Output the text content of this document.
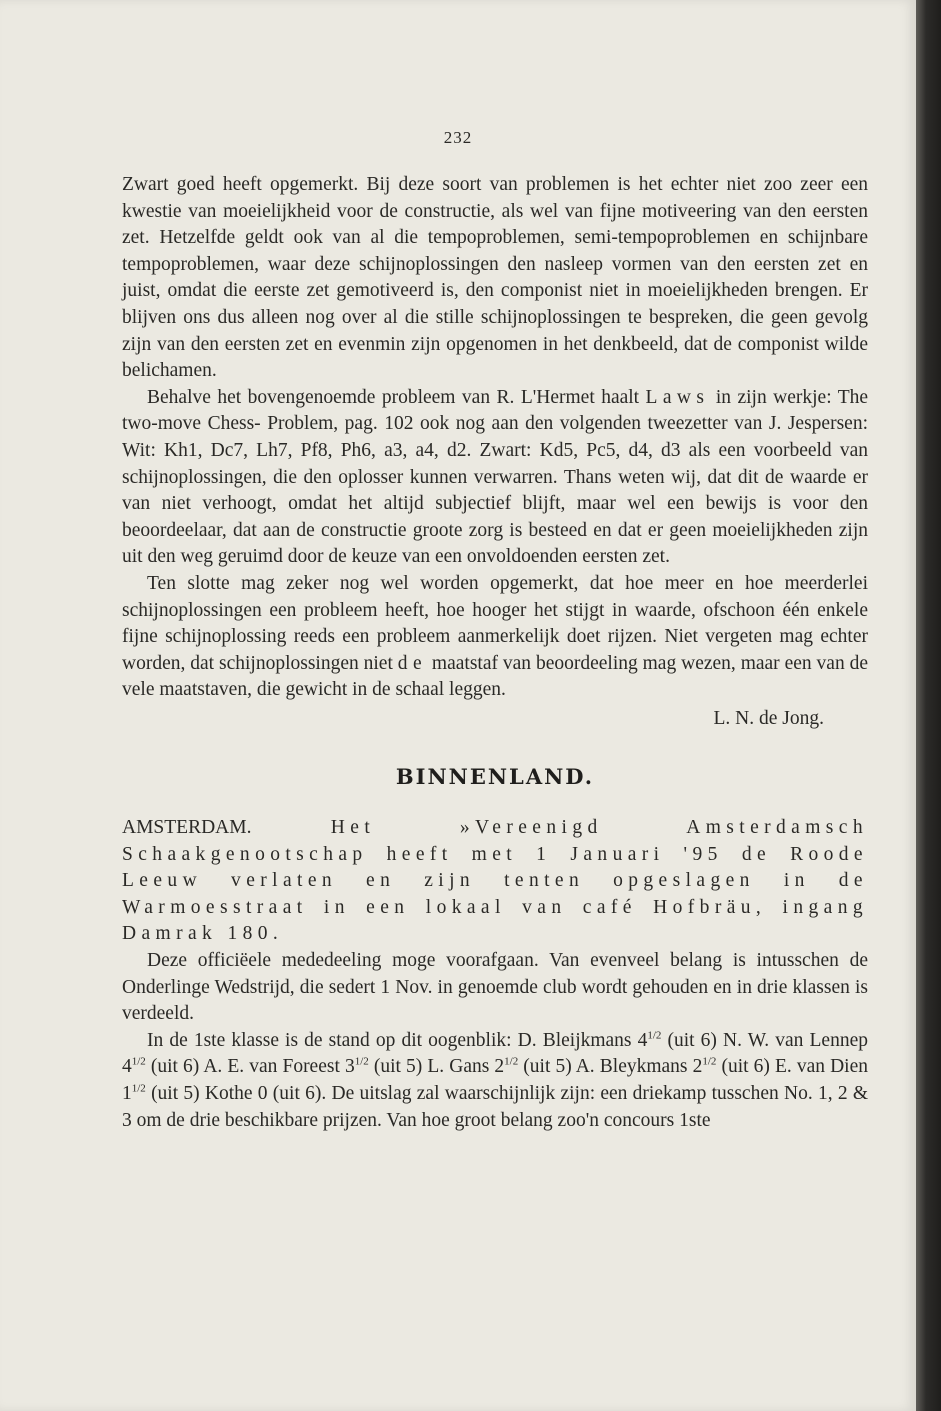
232

Zwart goed heeft opgemerkt. Bij deze soort van problemen is het echter niet zoo zeer een kwestie van moeielijkheid voor de constructie, als wel van fijne motiveering van den eersten zet. Hetzelfde geldt ook van al die tempoproblemen, semi-tempoproblemen en schijnbare tempoproblemen, waar deze schijnoplossingen den nasleep vormen van den eersten zet en juist, omdat die eerste zet gemotiveerd is, den componist niet in moeielijkheden brengen. Er blijven ons dus alleen nog over al die stille schijnoplossingen te bespreken, die geen gevolg zijn van den eersten zet en evenmin zijn opgenomen in het denkbeeld, dat de componist wilde belichamen.

Behalve het bovengenoemde probleem van R. L'Hermet haalt Laws in zijn werkje: The two-move Chess- Problem, pag. 102 ook nog aan den volgenden tweezetter van J. Jespersen: Wit: Kh1, Dc7, Lh7, Pf8, Ph6, a3, a4, d2. Zwart: Kd5, Pc5, d4, d3 als een voorbeeld van schijnoplossingen, die den oplosser kunnen verwarren. Thans weten wij, dat dit de waarde er van niet verhoogt, omdat het altijd subjectief blijft, maar wel een bewijs is voor den beoordeelaar, dat aan de constructie groote zorg is besteed en dat er geen moeielijkheden zijn uit den weg geruimd door de keuze van een onvoldoenden eersten zet.

Ten slotte mag zeker nog wel worden opgemerkt, dat hoe meer en hoe meerderlei schijnoplossingen een probleem heeft, hoe hooger het stijgt in waarde, ofschoon één enkele fijne schijnoplossing reeds een probleem aanmerkelijk doet rijzen. Niet vergeten mag echter worden, dat schijnoplossingen niet de maatstaf van beoordeeling mag wezen, maar een van de vele maatstaven, die gewicht in de schaal leggen.

L. N. de Jong.
BINNENLAND.

AMSTERDAM.	Het »Vereenigd Amsterdamsch Schaakgenootschap heeft met 1 Januari '95 de Roode Leeuw verlaten en zijn tenten opgeslagen in de Warmoesstraat in een lokaal van café Hofbräu, ingang Damrak 180.

Deze officiëele mededeeling moge voorafgaan. Van evenveel belang is intusschen de Onderlinge Wedstrijd, die sedert 1 Nov. in genoemde club wordt gehouden en in drie klassen is verdeeld.

In de 1ste klasse is de stand op dit oogenblik: D. Bleijkmans $4^{1/2}$ (uit 6) N. W. van Lennep $4^{1/2}$ (uit 6) A. E. van Foreest $3^{1/2}$ (uit 5) L. Gans $2^{1/2}$ (uit 5) A. Bleykmans $2^{1/2}$ (uit 6) E. van Dien $1^{1/2}$ (uit 5) Kothe 0 (uit 6). De uitslag zal waarschijnlijk zijn: een driekamp tusschen No. 1, 2 & 3 om de drie beschikbare prijzen. Van hoe groot belang zoo'n concours 1ste
